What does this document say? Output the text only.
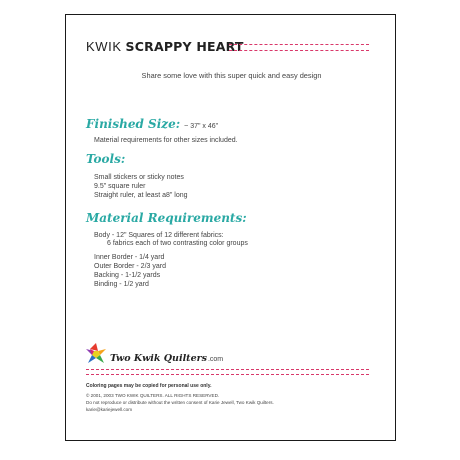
KWIK SCRAPPY HEART
Share some love with this super quick and easy design
Finished Size: ~ 37" x 46"
Material requirements for other sizes included.
Tools:
Small stickers or sticky notes
9.5" square ruler
Straight ruler, at least a8" long
Material Requirements:
Body - 12" Squares of 12 different fabrics:
6 fabrics each of two contrasting color groups
Inner Border - 1/4 yard
Outer Border - 2/3 yard
Backing - 1-1/2 yards
Binding - 1/2 yard
Two Kwik Quilters.com
Coloring pages may be copied for personal use only.
© 2001, 2003 TWO KWIK QUILTERS. ALL RIGHTS RESERVED.
Do not reproduce or distribute without the written consent of Karie Jewell, Two Kwik Quilters.
karie@kariejewell.com
